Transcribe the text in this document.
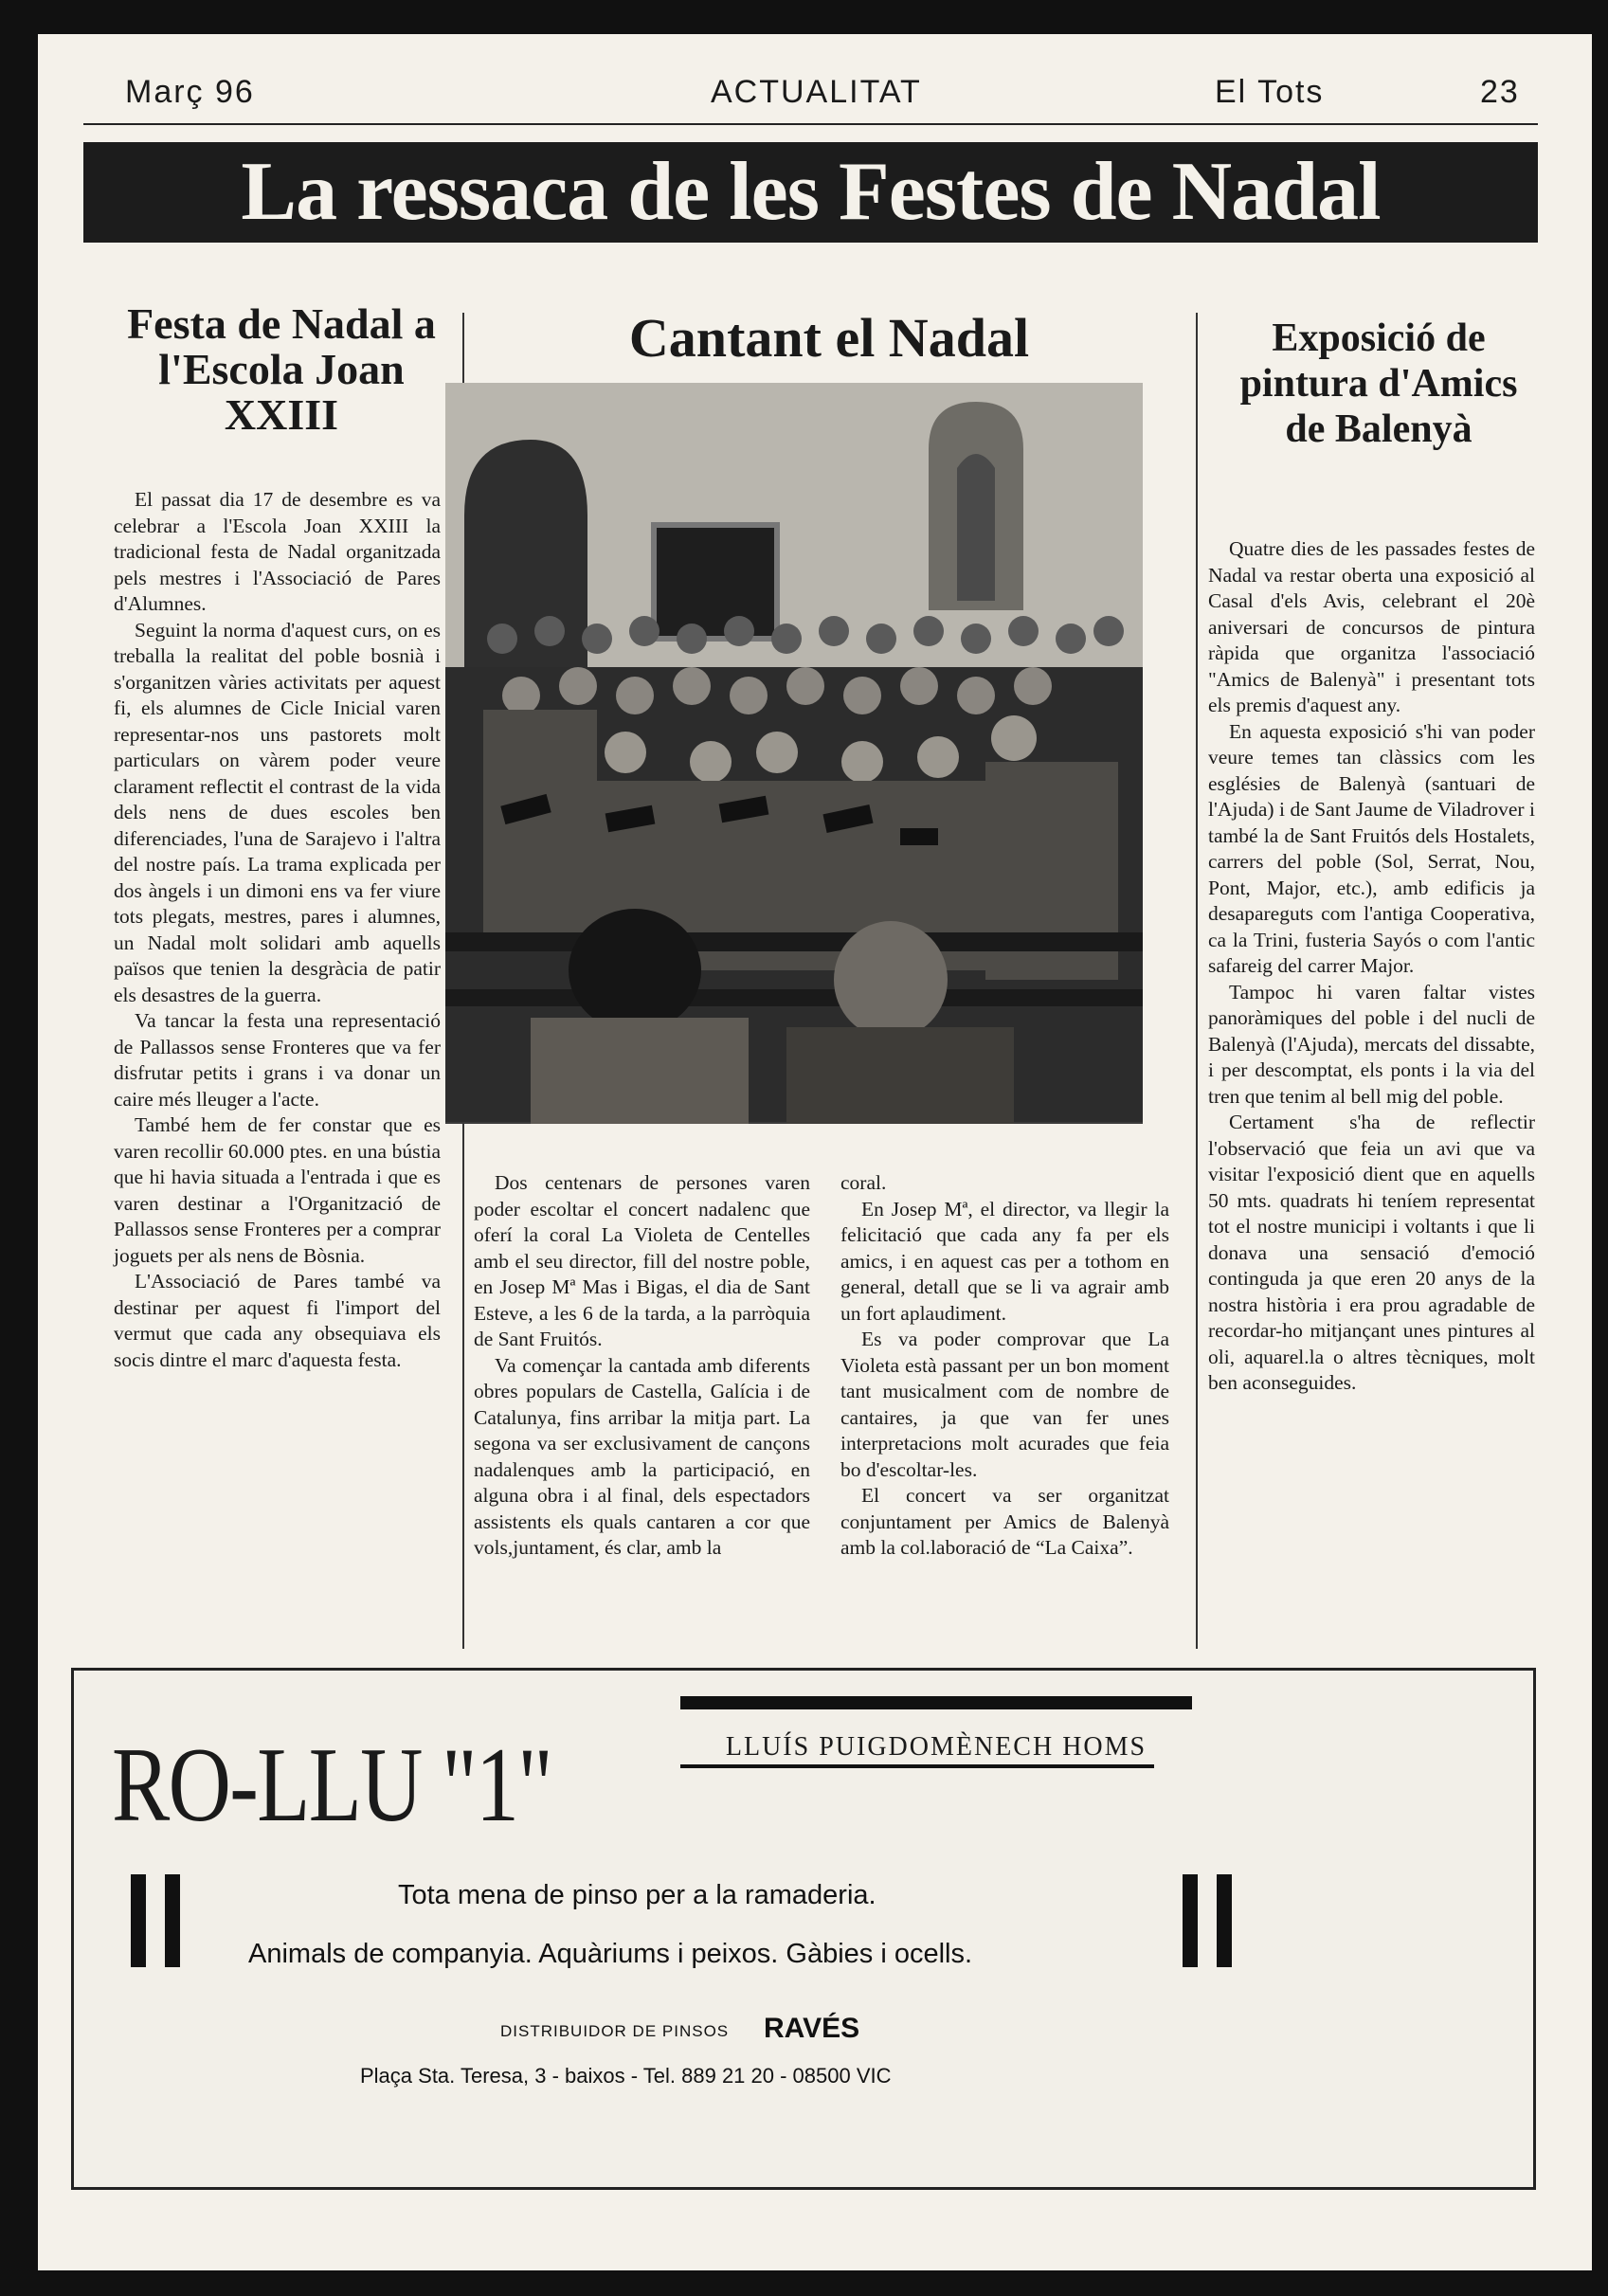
Març 96	ACTUALITAT	El Tots	23
La ressaca de les Festes de Nadal
Festa de Nadal a l'Escola Joan XXIII

El passat dia 17 de desembre es va celebrar a l'Escola Joan XXIII la tradicional festa de Nadal organitzada pels mestres i l'Associació de Pares d'Alumnes.

Seguint la norma d'aquest curs, on es treballa la realitat del poble bosnià i s'organitzen vàries activitats per aquest fi, els alumnes de Cicle Inicial varen representar-nos uns pastorets molt particulars on vàrem poder veure clarament reflectit el contrast de la vida dels nens de dues escoles ben diferenciades, l'una de Sarajevo i l'altra del nostre país. La trama explicada per dos àngels i un dimoni ens va fer viure tots plegats, mestres, pares i alumnes, un Nadal molt solidari amb aquells països que tenien la desgràcia de patir els desastres de la guerra.

Va tancar la festa una representació de Pallassos sense Fronteres que va fer disfrutar petits i grans i va donar un caire més lleuger a l'acte.

També hem de fer constar que es varen recollir 60.000 ptes. en una bústia que hi havia situada a l'entrada i que es varen destinar a l'Organització de Pallassos sense Fronteres per a comprar joguets per als nens de Bòsnia.

L'Associació de Pares també va destinar per aquest fi l'import del vermut que cada any obsequiava els socis dintre el marc d'aquesta festa.

Cantant el Nadal

Dos centenars de persones varen poder escoltar el concert nadalenc que oferí la coral La Violeta de Centelles amb el seu director, fill del nostre poble, en Josep Mª Mas i Bigas, el dia de Sant Esteve, a les 6 de la tarda, a la parròquia de Sant Fruitós.

Va començar la cantada amb diferents obres populars de Castella, Galícia i de Catalunya, fins arribar la mitja part. La segona va ser exclusivament de cançons nadalenques amb la participació, en alguna obra i al final, dels espectadors assistents els quals cantaren a cor que vols,juntament, és clar, amb la

coral.

En Josep Mª, el director, va llegir la felicitació que cada any fa per els amics, i en aquest cas per a tothom en general, detall que se li va agrair amb un fort aplaudiment.

Es va poder comprovar que La Violeta està passant per un bon moment tant musicalment com de nombre de cantaires, ja que van fer unes interpretacions molt acurades que feia bo d'escoltar-les.

El concert va ser organitzat conjuntament per Amics de Balenyà amb la col.laboració de “La Caixa”.

Exposició de pintura d'Amics de Balenyà

Quatre dies de les passades festes de Nadal va restar oberta una exposició al Casal d'els Avis, celebrant el 20è aniversari de concursos de pintura ràpida que organitza l'associació "Amics de Balenyà" i presentant tots els premis d'aquest any.

En aquesta exposició s'hi van poder veure temes tan clàssics com les esglésies de Balenyà (santuari de l'Ajuda) i de Sant Jaume de Viladrover i també la de Sant Fruitós dels Hostalets, carrers del poble (Sol, Serrat, Nou, Pont, Major, etc.), amb edificis ja desapareguts com l'antiga Cooperativa, ca la Trini, fusteria Sayós o com l'antic safareig del carrer Major.

Tampoc hi varen faltar vistes panoràmiques del poble i del nucli de Balenyà (l'Ajuda), mercats del dissabte, i per descomptat, els ponts i la via del tren que tenim al bell mig del poble.

Certament s'ha de reflectir l'observació que feia un avi que va visitar l'exposició dient que en aquells 50 mts. quadrats hi teníem representat tot el nostre municipi i voltants i que li donava una sensació d'emoció continguda ja que eren 20 anys de la nostra història i era prou agradable de recordar-ho mitjançant unes pintures al oli, aquarel.la o altres tècniques, molt ben aconseguides.

RO-LLU "1"	LLUÍS PUIGDOMÈNECH HOMS
Tota mena de pinso per a la ramaderia.
Animals de companyia. Aquàriums i peixos. Gàbies i ocells.
DISTRIBUIDOR DE PINSOS RAVÉS
Plaça Sta. Teresa, 3 - baixos - Tel. 889 21 20 - 08500 VIC
